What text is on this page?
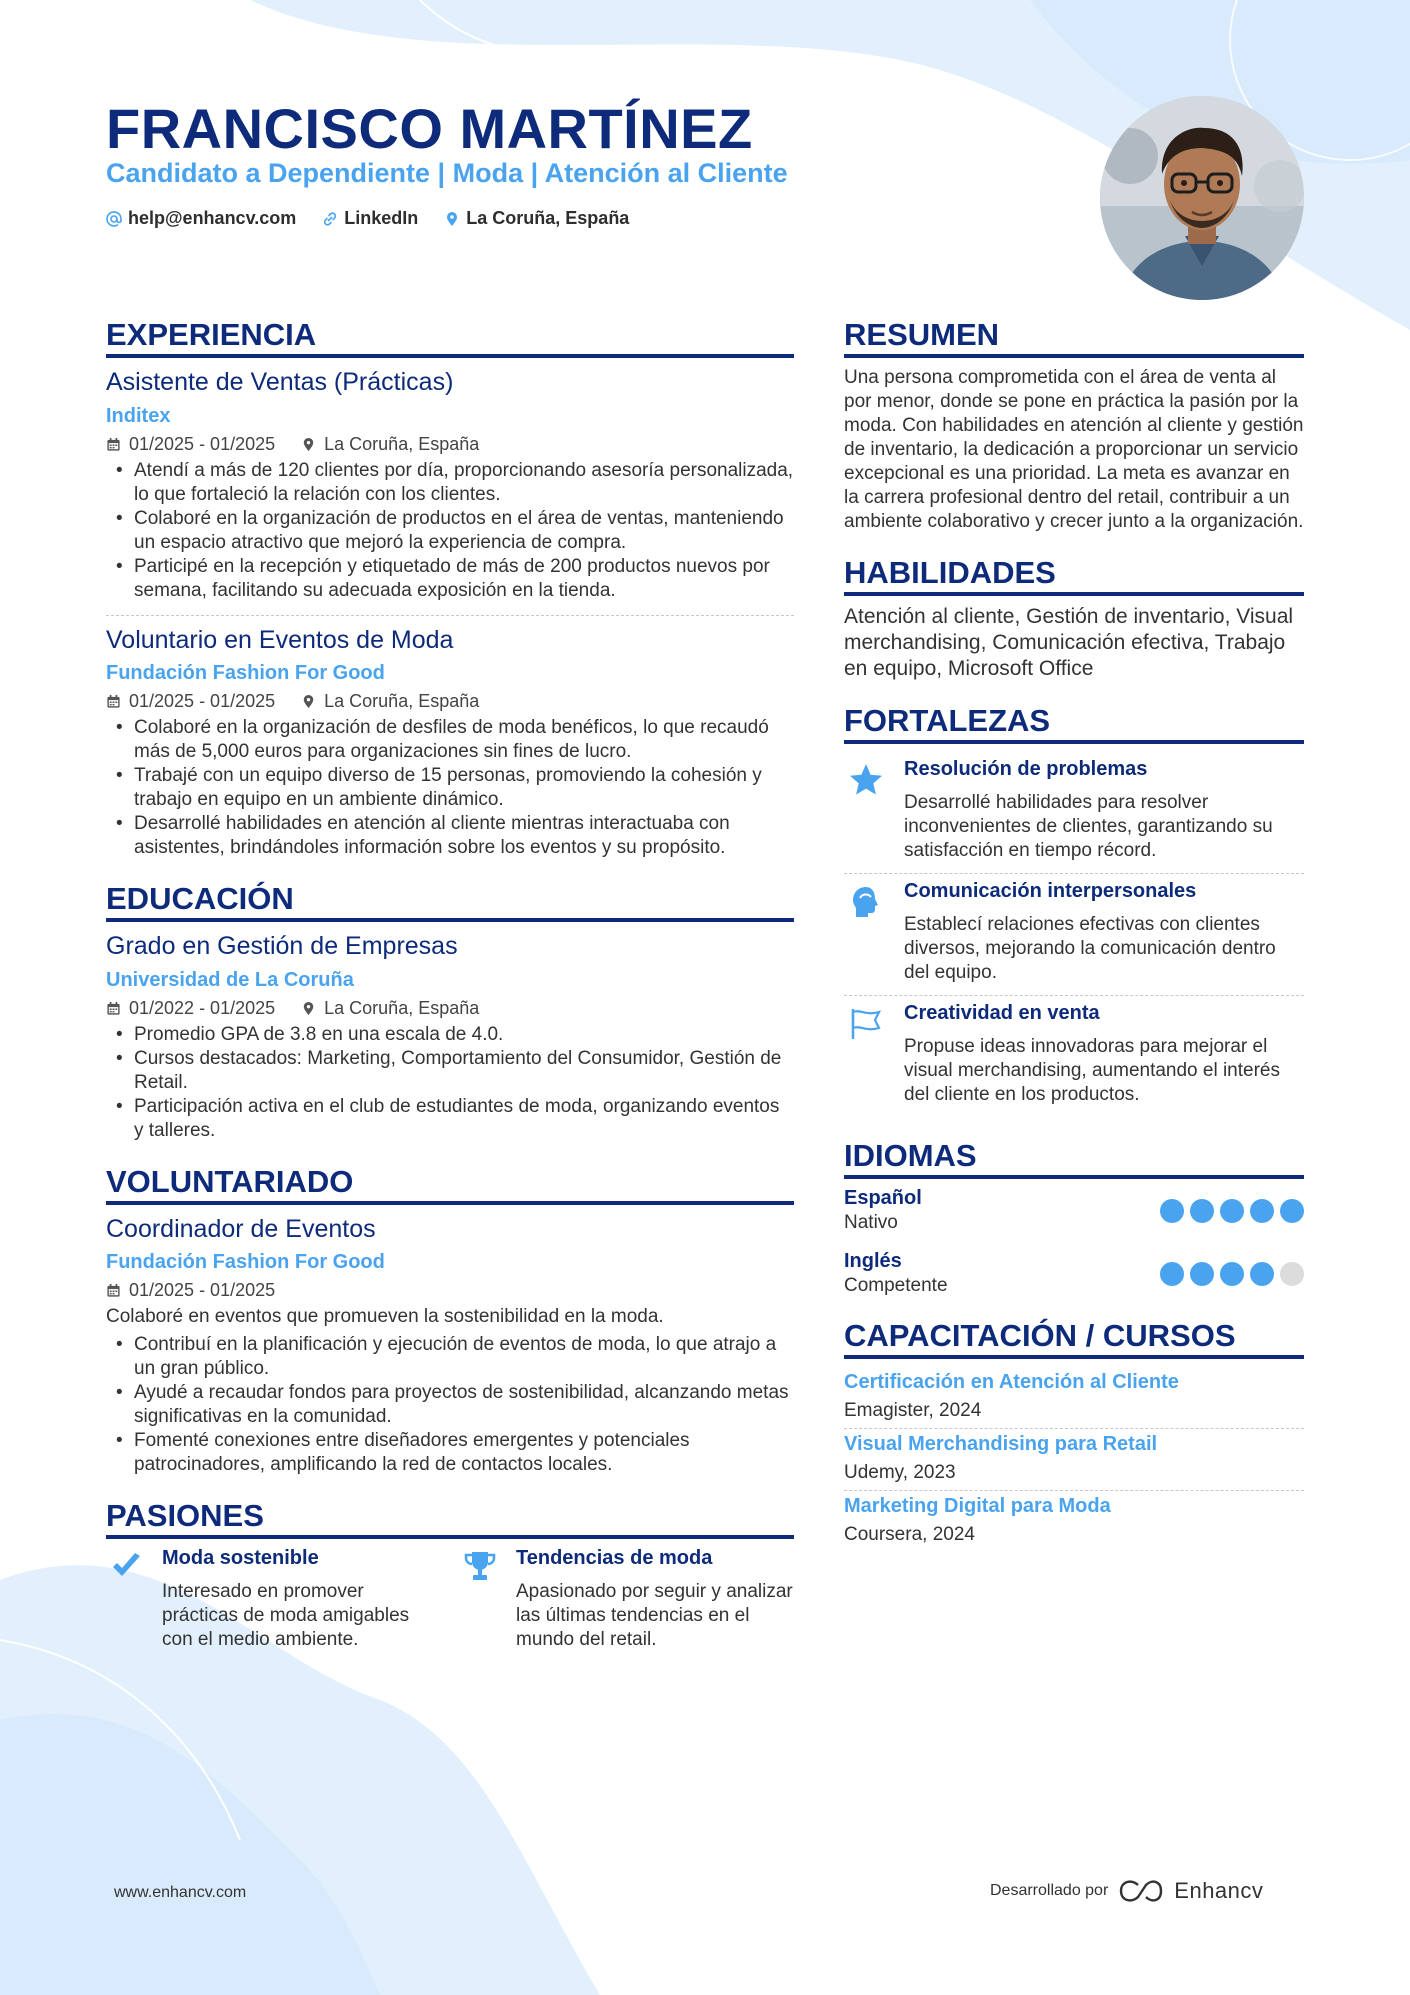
FRANCISCO MARTÍNEZ
Candidato a Dependiente | Moda | Atención al Cliente
help@enhancv.com	LinkedIn	La Coruña, España
EXPERIENCIA
Asistente de Ventas (Prácticas)
Inditex
01/2025 - 01/2025	La Coruña, España
• Atendí a más de 120 clientes por día, proporcionando asesoría personalizada, lo que fortaleció la relación con los clientes.
• Colaboré en la organización de productos en el área de ventas, manteniendo un espacio atractivo que mejoró la experiencia de compra.
• Participé en la recepción y etiquetado de más de 200 productos nuevos por semana, facilitando su adecuada exposición en la tienda.
Voluntario en Eventos de Moda
Fundación Fashion For Good
01/2025 - 01/2025	La Coruña, España
• Colaboré en la organización de desfiles de moda benéficos, lo que recaudó más de 5,000 euros para organizaciones sin fines de lucro.
• Trabajé con un equipo diverso de 15 personas, promoviendo la cohesión y trabajo en equipo en un ambiente dinámico.
• Desarrollé habilidades en atención al cliente mientras interactuaba con asistentes, brindándoles información sobre los eventos y su propósito.
EDUCACIÓN
Grado en Gestión de Empresas
Universidad de La Coruña
01/2022 - 01/2025	La Coruña, España
• Promedio GPA de 3.8 en una escala de 4.0.
• Cursos destacados: Marketing, Comportamiento del Consumidor, Gestión de Retail.
• Participación activa en el club de estudiantes de moda, organizando eventos y talleres.
VOLUNTARIADO
Coordinador de Eventos
Fundación Fashion For Good
01/2025 - 01/2025
Colaboré en eventos que promueven la sostenibilidad en la moda.
• Contribuí en la planificación y ejecución de eventos de moda, lo que atrajo a un gran público.
• Ayudé a recaudar fondos para proyectos de sostenibilidad, alcanzando metas significativas en la comunidad.
• Fomenté conexiones entre diseñadores emergentes y potenciales patrocinadores, amplificando la red de contactos locales.
PASIONES
Moda sostenible

Interesado en promover prácticas de moda amigables con el medio ambiente.

Tendencias de moda

Apasionado por seguir y analizar las últimas tendencias en el mundo del retail.

RESUMEN
Una persona comprometida con el área de venta al por menor, donde se pone en práctica la pasión por la moda. Con habilidades en atención al cliente y gestión de inventario, la dedicación a proporcionar un servicio excepcional es una prioridad. La meta es avanzar en la carrera profesional dentro del retail, contribuir a un ambiente colaborativo y crecer junto a la organización.
HABILIDADES
Atención al cliente, Gestión de inventario, Visual merchandising, Comunicación efectiva, Trabajo en equipo, Microsoft Office
FORTALEZAS
Resolución de problemas

Desarrollé habilidades para resolver inconvenientes de clientes, garantizando su satisfacción en tiempo récord.

Comunicación interpersonales

Establecí relaciones efectivas con clientes diversos, mejorando la comunicación dentro del equipo.

Creatividad en venta

Propuse ideas innovadoras para mejorar el visual merchandising, aumentando el interés del cliente en los productos.

IDIOMAS
Español
Nativo
Inglés
Competente
CAPACITACIÓN / CURSOS
Certificación en Atención al Cliente
Emagister, 2024
Visual Merchandising para Retail
Udemy, 2023
Marketing Digital para Moda
Coursera, 2024
www.enhancv.com	Desarrollado por	Enhancv
